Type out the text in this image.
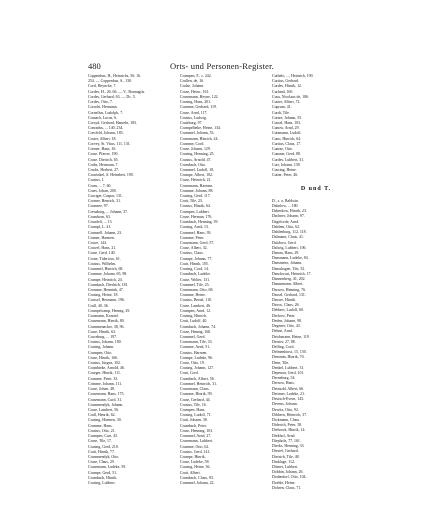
480	Orts- und Personen-Register.
Coppenbus, H., Heinrichs, 56, 16.
254. — Coppenbus, S., 130.
Cord, Heyncke, 7.
Cordes, H., 26. 66. — V., Bonnagtis.
Cordes, Gerhard, 63. — Dc. 5.
Cordes, Otto, 7.
Corroht, Hermann.
Cornelius, Ludolph, 7.
Cranach, Lucas, 6.
Corsyd, Gerhard, Hameln, 183.
Conradus, ... 140, 234.
Coesfeld, Johann, 183.
Coster, Albert, 18.
Corvey, St. Vitus, 111, 131.
Cremer, Hans, 16.
Cruse, Pfarrer, 190.
Cruse, Dietrich, 65.
Crubs, Hermann, 7.
Cracht, Herbert, 27.
Crawinkel, S. Heimbert, 190.
Crusius, J.
Crum, ... 7, 60.
Craes, Johan, 200.
Cruciger, Caspar, 131.
Cromer, Henrich, 31.
Crumsee, 97.
Creuzburg, ... Johann, 37.
Crumhorn, 63.
Crautfelt, ... 13.
Crumpf, L. 41.
Crumsell, Johann, 23.
Cramer, Harmen.
Crawe, 144.
Cruwel, Hans, 21.
Cruse, Gerd, 140.
Crone, Tidericus, 61.
Crusius, Wilhelm.
Crummel, Hinrich, 68.
Crumme, Johann, 65, 98.
Crampe, Heinrich, 24.
Crumbach, Diedrich, 181.
Cromme, Hennink, 47.
Crusing, Heine, 18.
Crussel, Hermann, 196.
Crull, 40, 36.
Crumpelcamp, Hennig, 29.
Crusmann, Konrad.
Crusemann, Hinrik, 80.
Crummenacker, 38, 96.
Cruse, Hinrik, 63.
Cruceburg, ... 197.
Crusius, Johann, 180.
Crusing, Johann.
Crumpen, Otto.
Cruse, Hinrik, 166.
Crusius, Jürgen, 102.
Crumbieke, Arnold, 46.
Crueger, Hinrik, 111.
Crumme, Peter, 33.
Crimme, Johann, 111.
Cruse, Johan, 48.
Crusemann, Hans, 175.
Crusemann, Curd, 31.
Crummendyk, Johann.
Cruse, Lambert, 56.
Crull, Henrik, 62.
Crusing, Harmen, 30.
Crumme, Hans.
Crusius, Otto, 21.
Crumpen, Curt, 45.
Cruse, Tile, 17.
Crusing, Gerd, 210.
Crutt, Hinrik, 77.
Crummendyk, Otto.
Cruse, Claus, 29.
Crusemann, Ludeke, 59.
Crumpe, Gerd, 51.
Crumbach, Hinrik.
Crusing, Lubbert.
Crumpen, F., c. 242.
Crullen, de, 16.
Crulse, Johann.
Cruse, Heinr., 161.
Crusemann, Heyne, 122.
Crusing, Hans, 201.
Crumme, Gerhard, 119.
Cruse, Arnd, 117.
Crusius, Ludwig.
Crutzburg, 97.
Crumpelbeke, Heine, 134.
Crummel, Johann, 53.
Crusemann, Hinrich, 24.
Crumme, Cord.
Cruse, Johann, 129.
Crusing, Henning, 25.
Crusius, Arnold, 47.
Crumbach, Otto.
Crummel, Ludolf, 18.
Crumpe, Albert, 102.
Cruse, Heinrich, 21.
Crusemann, Harmen.
Crumme, Johann, 88.
Crusing, Gerd, 117.
Crutt, Tile, 23.
Crusius, Hinrik, 64.
Crumpen, Lubbert.
Cruse, Herman, 176.
Crumbach, Henning, 39.
Crusing, Arnd, 13.
Crummel, Hans, 93.
Crumme, Peter.
Crusemann, Gerd, 57.
Cruse, Albert, 32.
Crusius, Claus.
Crumpe, Johann, 77.
Crutt, Hinrik, 105.
Crusing, Cord, 14.
Crumbach, Ludeke.
Cruse, Wolter, 131.
Crummel, Tile, 25.
Crusemann, Otto, 68.
Crumme, Heine.
Crusius, Bernd, 110.
Cruse, Lambert, 46.
Crumpen, Arnd, 12.
Crusing, Hinrich.
Crutt, Ludolf, 40.
Crumbach, Johann, 74.
Cruse, Hennig, 160.
Crummel, Gerd.
Crusemann, Tile, 33.
Crumme, Arnd, 51.
Crusius, Harmen.
Crumpe, Ludeke, 96.
Cruse, Otto, 19.
Crusing, Johann, 127.
Crutt, Cord.
Crumbach, Albert, 56.
Crummel, Heinrich, 31.
Crusemann, Claus.
Crumme, Hinrik, 99.
Cruse, Gerhard, 44.
Crusius, Tile, 16.
Crumpen, Hans.
Crusing, Ludolf, 71.
Crutt, Johann, 38.
Crumbach, Peter.
Cruse, Henning, 103.
Crummel, Arnd, 27.
Crusemann, Lubbert.
Crumme, Otto, 62.
Crusius, Gerd, 141.
Crumpe, Hinrik.
Cruse, Ludeke, 58.
Crusing, Heine, 36.
Crutt, Albert.
Crumbach, Claus, 83.
Crummel, Johann, 22.
Cuthelo, ..., Heinrich, 190.
Curtius, Gerhard.
Curdes, Hinrik, 12.
Curland, 160.
Cusa, Nicolaus de, 186.
Custer, Albert, 72.
Cuprum, 41.
Curdt, Tile.
Curtze, Johann, 55.
Cussel, Hans, 103.
Cunow, Arnd, 29.
Cutzmann, Ludolf.
Cuno, Hinrich, 64.
Curtius, Claus, 17.
Cuntze, Otto.
Cumme, Gerd, 88.
Curdes, Lubbert, 31.
Curt, Johann, 139.
Cussing, Heine.
Cutter, Peter, 46.

D und T.

D., s. a. Baldwin.
Dabelow, ... 180.
Daberkow, Hinrik, 23.
Dachner, Johann, 97.
Dageforde, Arnd.
Dahlem, Otto, 62.
Dahlenburg, 112, 118.
Dalmann, Claus, 41.
Dalchow, Gerd.
Dalwig, Lubbert, 106.
Damm, Hans, 29.
Dammann, Ludeke, 84.
Dammeier, Johann.
Damshagen, Tile, 52.
Danckwart, Heinrich, 17.
Dannenberg, 41, 202.
Dannemann, Albert.
Darsow, Henning, 76.
Dassel, Gerhard, 131.
Dauwe, Hinrik.
Davos, Claus, 26.
Debbert, Ludolf, 60.
Deckow, Peter.
Deden, Johann, 98.
Degener, Otto, 43.
Dehne, Arnd.
Deichmann, Heine, 119.
Deister, 27, 88.
Delling, Cord.
Delmenhorst, 15, 150.
Demmin, Hinrik, 70.
Dene, Tile.
Denkel, Lubbert, 31.
Depenau, Gerd, 101.
Derneburg, 54.
Dersow, Hans.
Detmold, Albert, 66.
Dettmer, Ludeke, 21.
Deutsch-Evern, 143.
Devens, Johann.
Dewitz, Otto, 92.
Dibbern, Heinrich, 37.
Dickmann, Claus.
Diderich, Peter, 58.
Diebrock, Hinrik, 14.
Diekhof, Arnd.
Diepholz, 77, 161.
Dierks, Henning, 33.
Diestel, Gerhard.
Dietrich, Tile, 48.
Dinklage, 112.
Ditmer, Lubbert.
Dobbin, Johann, 26.
Dodendorf, Otto, 104.
Doehle, Heine.
Dohren, Claus, 71.
